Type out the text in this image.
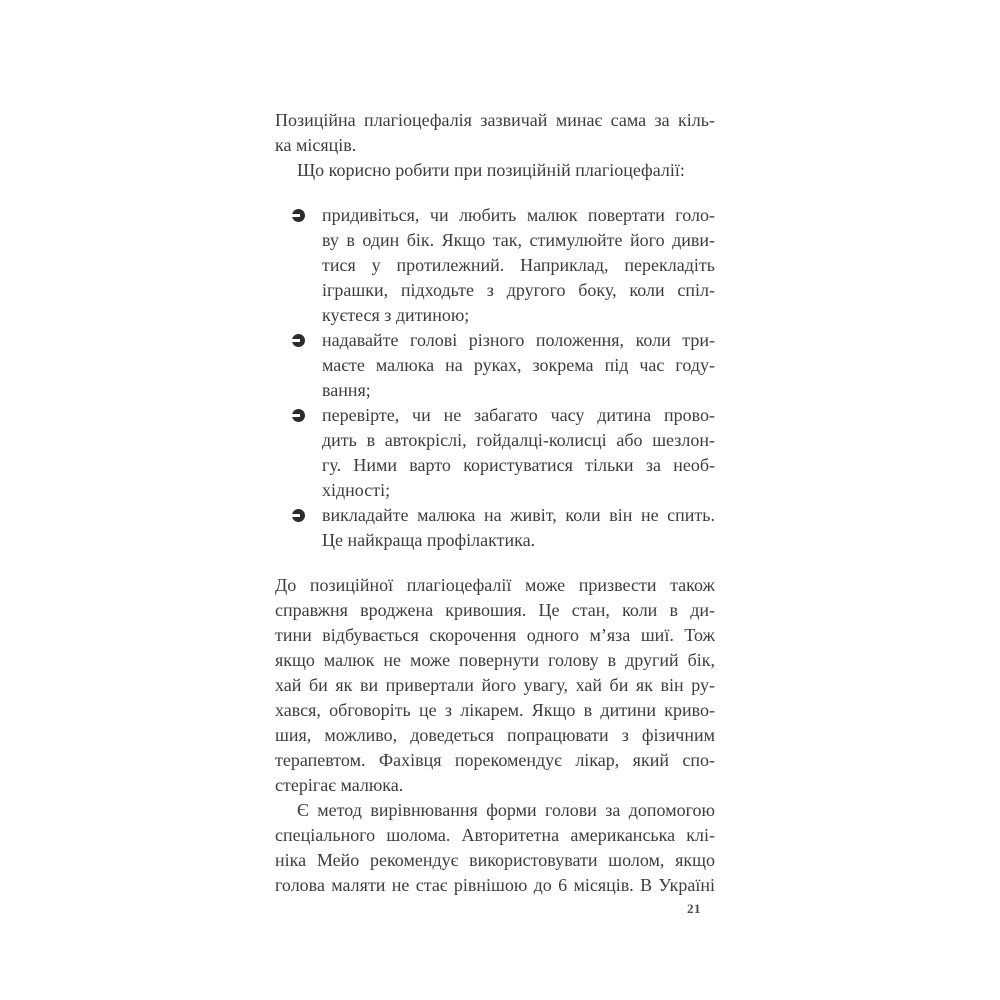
Позиційна плагіоцефалія зазвичай минає сама за кіль-
ка місяців.
Що корисно робити при позиційній плагіоцефалії:
придивіться, чи любить малюк повертати голо-
ву в один бік. Якщо так, стимулюйте його диви-
тися у протилежний. Наприклад, перекладіть
іграшки, підходьте з другого боку, коли спіл-
куєтеся з дитиною;
надавайте голові різного положення, коли три-
маєте малюка на руках, зокрема під час году-
вання;
перевірте, чи не забагато часу дитина прово-
дить в автокріслі, гойдалці-колисці або шезлон-
гу. Ними варто користуватися тільки за необ-
хідності;
викладайте малюка на живіт, коли він не спить.
Це найкраща профілактика.
До позиційної плагіоцефалії може призвести також
справжня вроджена кривошия. Це стан, коли в ди-
тини відбувається скорочення одного м’яза шиї. Тож
якщо малюк не може повернути голову в другий бік,
хай би як ви привертали його увагу, хай би як він ру-
хався, обговоріть це з лікарем. Якщо в дитини криво-
шия, можливо, доведеться попрацювати з фізичним
терапевтом. Фахівця порекомендує лікар, який спо-
стерігає малюка.
Є метод вирівнювання форми голови за допомогою
спеціального шолома. Авторитетна американська клі-
ніка Мейо рекомендує використовувати шолом, якщо
голова маляти не стає рівнішою до 6 місяців. В Україні
21
